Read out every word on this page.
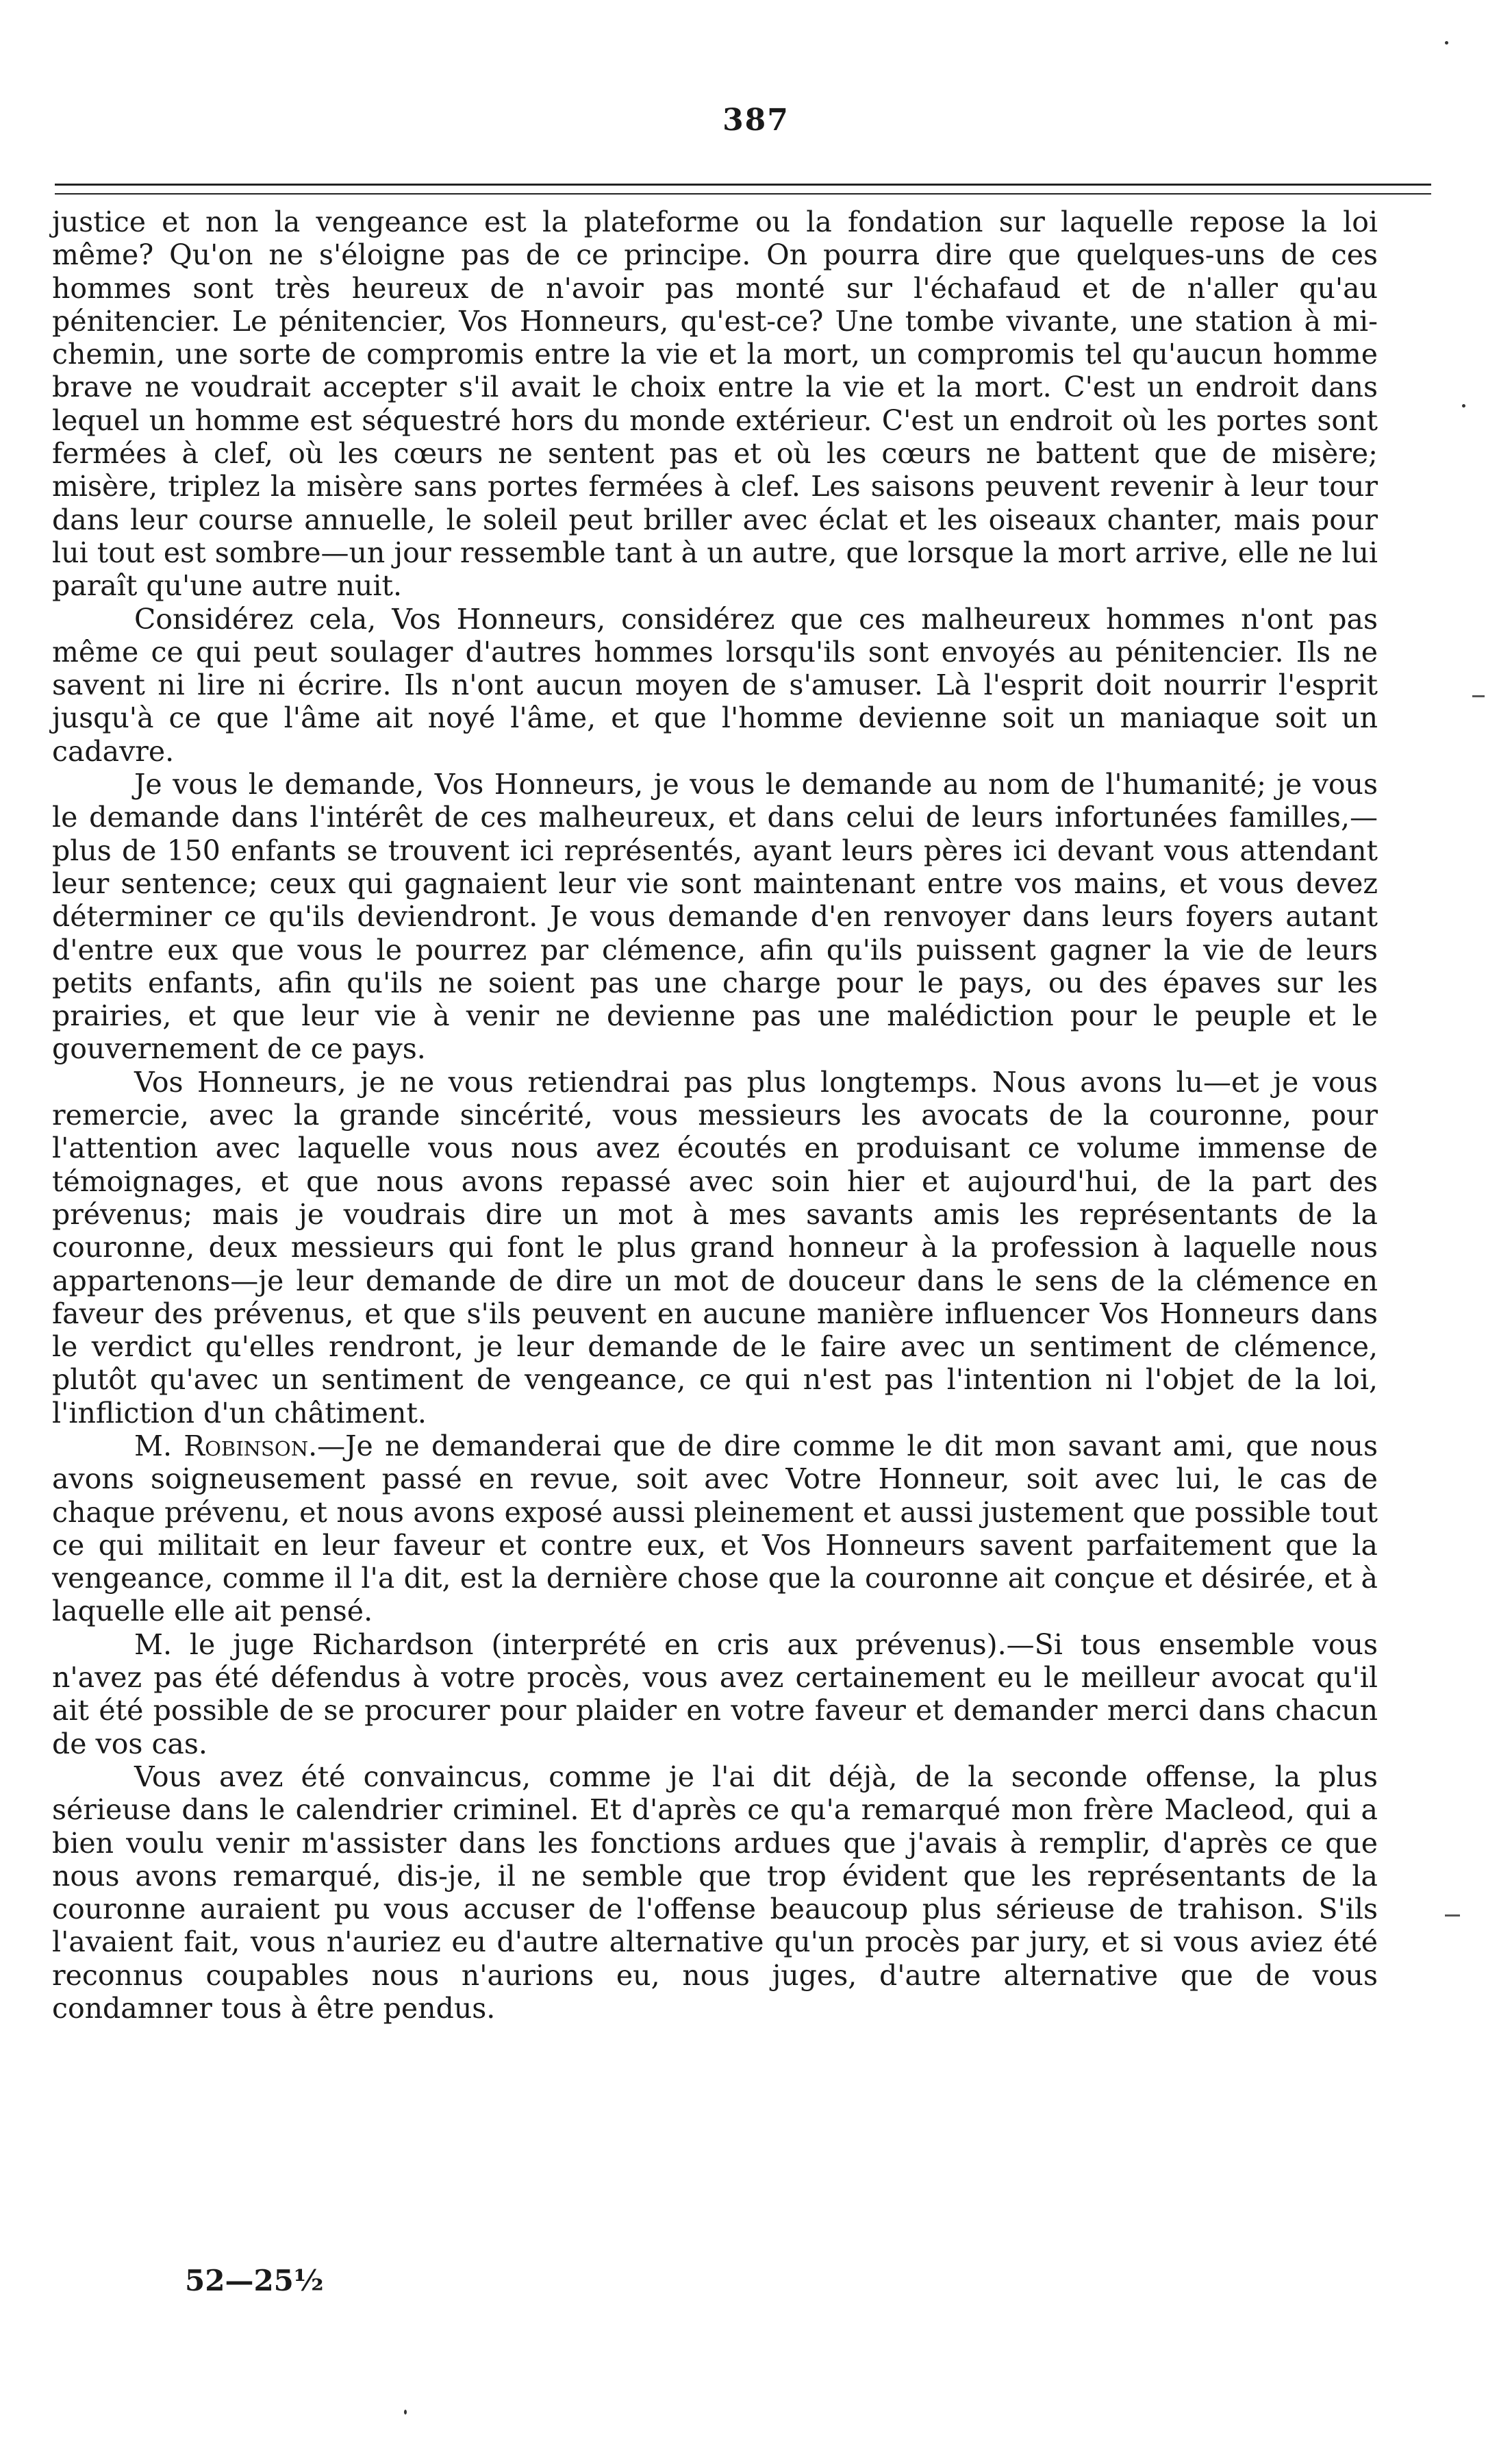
387

justice et non la vengeance est la plateforme ou la fondation sur laquelle repose la loi même? Qu'on ne s'éloigne pas de ce principe. On pourra dire que quelques-uns de ces hommes sont très heureux de n'avoir pas monté sur l'échafaud et de n'aller qu'au pénitencier. Le pénitencier, Vos Honneurs, qu'est-ce? Une tombe vivante, une station à mi-chemin, une sorte de compromis entre la vie et la mort, un compromis tel qu'aucun homme brave ne voudrait accepter s'il avait le choix entre la vie et la mort. C'est un endroit dans lequel un homme est séquestré hors du monde extérieur. C'est un endroit où les portes sont fermées à clef, où les cœurs ne sentent pas et où les cœurs ne battent que de misère; misère, triplez la misère sans portes fermées à clef. Les saisons peuvent revenir à leur tour dans leur course annuelle, le soleil peut briller avec éclat et les oiseaux chanter, mais pour lui tout est sombre—un jour ressemble tant à un autre, que lorsque la mort arrive, elle ne lui paraît qu'une autre nuit.

Considérez cela, Vos Honneurs, considérez que ces malheureux hommes n'ont pas même ce qui peut soulager d'autres hommes lorsqu'ils sont envoyés au pénitencier. Ils ne savent ni lire ni écrire. Ils n'ont aucun moyen de s'amuser. Là l'esprit doit nourrir l'esprit jusqu'à ce que l'âme ait noyé l'âme, et que l'homme devienne soit un maniaque soit un cadavre.

Je vous le demande, Vos Honneurs, je vous le demande au nom de l'humanité; je vous le demande dans l'intérêt de ces malheureux, et dans celui de leurs infortunées familles,—plus de 150 enfants se trouvent ici représentés, ayant leurs pères ici devant vous attendant leur sentence; ceux qui gagnaient leur vie sont maintenant entre vos mains, et vous devez déterminer ce qu'ils deviendront. Je vous demande d'en renvoyer dans leurs foyers autant d'entre eux que vous le pourrez par clémence, afin qu'ils puissent gagner la vie de leurs petits enfants, afin qu'ils ne soient pas une charge pour le pays, ou des épaves sur les prairies, et que leur vie à venir ne devienne pas une malédiction pour le peuple et le gouvernement de ce pays.

Vos Honneurs, je ne vous retiendrai pas plus longtemps. Nous avons lu—et je vous remercie, avec la grande sincérité, vous messieurs les avocats de la couronne, pour l'attention avec laquelle vous nous avez écoutés en produisant ce volume immense de témoignages, et que nous avons repassé avec soin hier et aujourd'hui, de la part des prévenus; mais je voudrais dire un mot à mes savants amis les représentants de la couronne, deux messieurs qui font le plus grand honneur à la profession à laquelle nous appartenons—je leur demande de dire un mot de douceur dans le sens de la clémence en faveur des prévenus, et que s'ils peuvent en aucune manière influencer Vos Honneurs dans le verdict qu'elles rendront, je leur demande de le faire avec un sentiment de clémence, plutôt qu'avec un sentiment de vengeance, ce qui n'est pas l'intention ni l'objet de la loi, l'infliction d'un châtiment.

M. Robinson.—Je ne demanderai que de dire comme le dit mon savant ami, que nous avons soigneusement passé en revue, soit avec Votre Honneur, soit avec lui, le cas de chaque prévenu, et nous avons exposé aussi pleinement et aussi justement que possible tout ce qui militait en leur faveur et contre eux, et Vos Honneurs savent parfaitement que la vengeance, comme il l'a dit, est la dernière chose que la couronne ait conçue et désirée, et à laquelle elle ait pensé.

M. le juge Richardson (interprété en cris aux prévenus).—Si tous ensemble vous n'avez pas été défendus à votre procès, vous avez certainement eu le meilleur avocat qu'il ait été possible de se procurer pour plaider en votre faveur et demander merci dans chacun de vos cas.

Vous avez été convaincus, comme je l'ai dit déjà, de la seconde offense, la plus sérieuse dans le calendrier criminel. Et d'après ce qu'a remarqué mon frère Macleod, qui a bien voulu venir m'assister dans les fonctions ardues que j'avais à remplir, d'après ce que nous avons remarqué, dis-je, il ne semble que trop évident que les représentants de la couronne auraient pu vous accuser de l'offense beaucoup plus sérieuse de trahison. S'ils l'avaient fait, vous n'auriez eu d'autre alternative qu'un procès par jury, et si vous aviez été reconnus coupables nous n'aurions eu, nous juges, d'autre alternative que de vous condamner tous à être pendus.

52—25½
